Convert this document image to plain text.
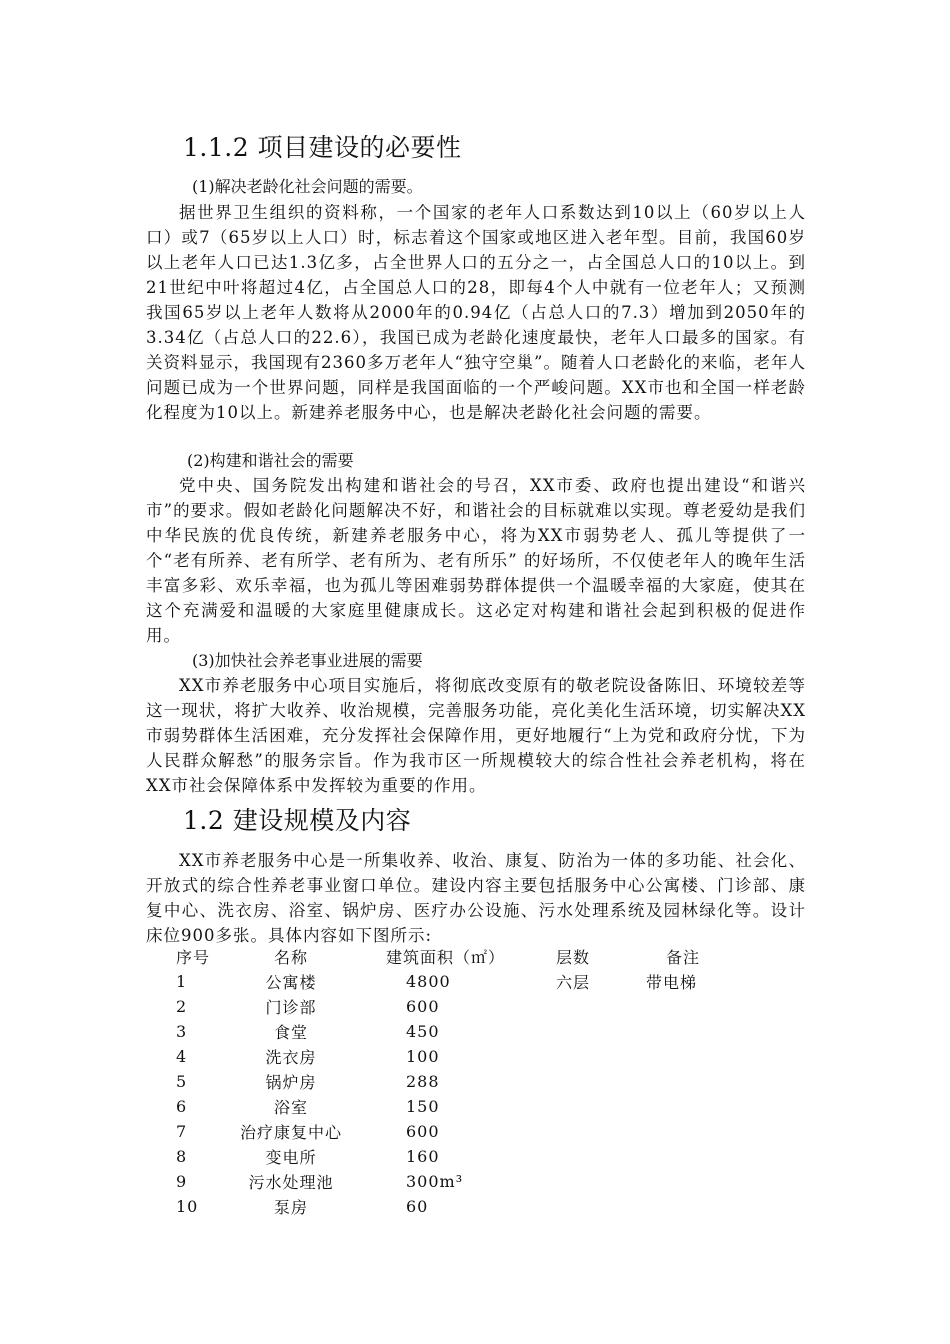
1.1.2 项目建设的必要性
(1)解决老龄化社会问题的需要。
据世界卫生组织的资料称，一个国家的老年人口系数达到10以上（60岁以上人口）或7（65岁以上人口）时，标志着这个国家或地区进入老年型。目前，我国60岁以上老年人口已达1.3亿多，占全世界人口的五分之一，占全国总人口的10以上。到21世纪中叶将超过4亿，占全国总人口的28，即每4个人中就有一位老年人；又预测我国65岁以上老年人数将从2000年的0.94亿（占总人口的7.3）增加到2050年的3.34亿（占总人口的22.6），我国已成为老龄化速度最快，老年人口最多的国家。有关资料显示，我国现有2360多万老年人“独守空巢”。随着人口老龄化的来临，老年人问题已成为一个世界问题，同样是我国面临的一个严峻问题。XX市也和全国一样老龄化程度为10以上。新建养老服务中心，也是解决老龄化社会问题的需要。
(2)构建和谐社会的需要
党中央、国务院发出构建和谐社会的号召，XX市委、政府也提出建设“和谐兴市”的要求。假如老龄化问题解决不好，和谐社会的目标就难以实现。尊老爱幼是我们中华民族的优良传统，新建养老服务中心，将为XX市弱势老人、孤儿等提供了一个“老有所养、老有所学、老有所为、老有所乐” 的好场所，不仅使老年人的晚年生活丰富多彩、欢乐幸福，也为孤儿等困难弱势群体提供一个温暖幸福的大家庭，使其在这个充满爱和温暖的大家庭里健康成长。这必定对构建和谐社会起到积极的促进作用。
(3)加快社会养老事业进展的需要
XX市养老服务中心项目实施后，将彻底改变原有的敬老院设备陈旧、环境较差等这一现状，将扩大收养、收治规模，完善服务功能，亮化美化生活环境，切实解决XX市弱势群体生活困难，充分发挥社会保障作用，更好地履行“上为党和政府分忧，下为人民群众解愁”的服务宗旨。作为我市区一所规模较大的综合性社会养老机构，将在XX市社会保障体系中发挥较为重要的作用。
1.2 建设规模及内容
XX市养老服务中心是一所集收养、收治、康复、防治为一体的多功能、社会化、开放式的综合性养老事业窗口单位。建设内容主要包括服务中心公寓楼、门诊部、康复中心、洗衣房、浴室、锅炉房、医疗办公设施、污水处理系统及园林绿化等。设计床位900多张。具体内容如下图所示:
序号	名称	建筑面积（㎡）	层数	备注
1	公寓楼	4800	六层	带电梯
2	门诊部	600		
3	食堂	450		
4	洗衣房	100		
5	锅炉房	288		
6	浴室	150		
7	治疗康复中心	600		
8	变电所	160		
9	污水处理池	300m³		
10	泵房	60		
